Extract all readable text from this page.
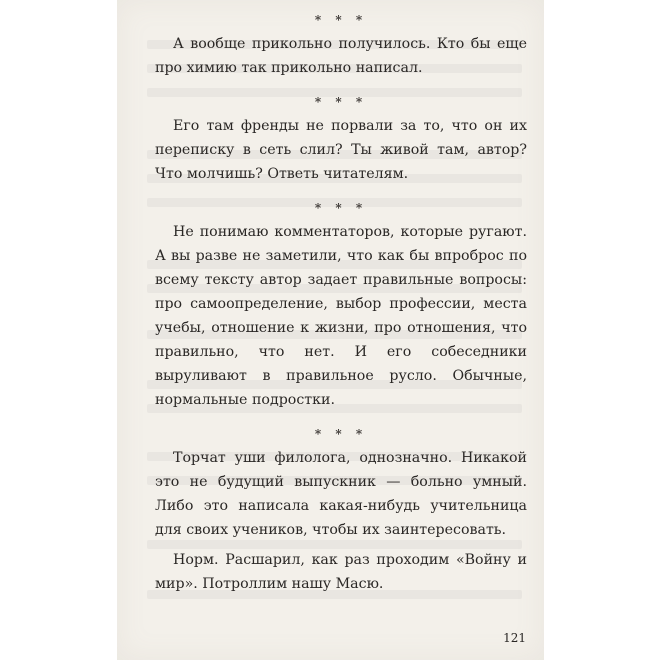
* * *

А вообще прикольно получилось. Кто бы еще про химию так прикольно написал.

* * *

Его там френды не порвали за то, что он их переписку в сеть слил? Ты живой там, автор? Что молчишь? Ответь читателям.

* * *

Не понимаю комментаторов, которые ругают. А вы разве не заметили, что как бы впроброс по всему тексту автор задает правильные вопросы: про самоопределение, выбор профессии, места учебы, отношение к жизни, про отношения, что правильно, что нет. И его собеседники выруливают в правильное русло. Обычные, нормальные подростки.

* * *

Торчат уши филолога, однозначно. Никакой это не будущий выпускник — больно умный. Либо это написала какая-нибудь учительница для своих учеников, чтобы их заинтересовать.

Норм. Расшарил, как раз проходим «Войну и мир». Потроллим нашу Масю.

121
